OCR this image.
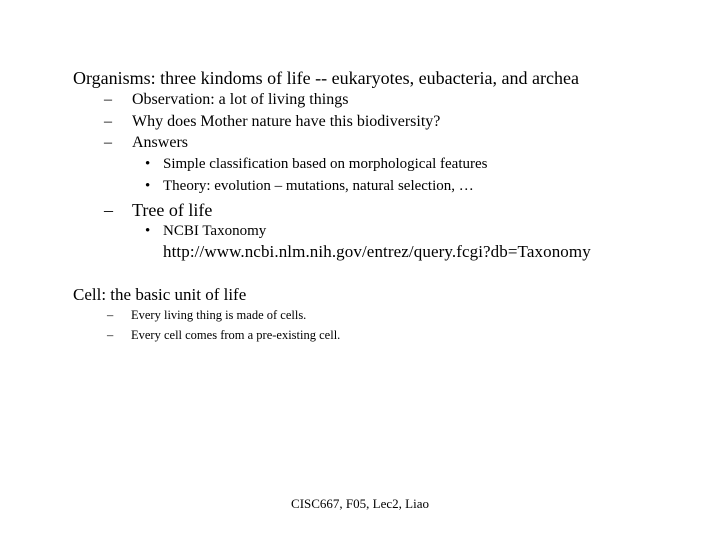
Organisms: three kindoms of life -- eukaryotes, eubacteria, and archea
– Observation: a lot of living things
– Why does Mother nature have this biodiversity?
– Answers
• Simple classification based on morphological features
• Theory: evolution – mutations, natural selection, …
– Tree of life
• NCBI Taxonomy
http://www.ncbi.nlm.nih.gov/entrez/query.fcgi?db=Taxonomy
Cell: the basic unit of life
– Every living thing is made of cells.
– Every cell comes from a pre-existing cell.
CISC667, F05, Lec2, Liao
